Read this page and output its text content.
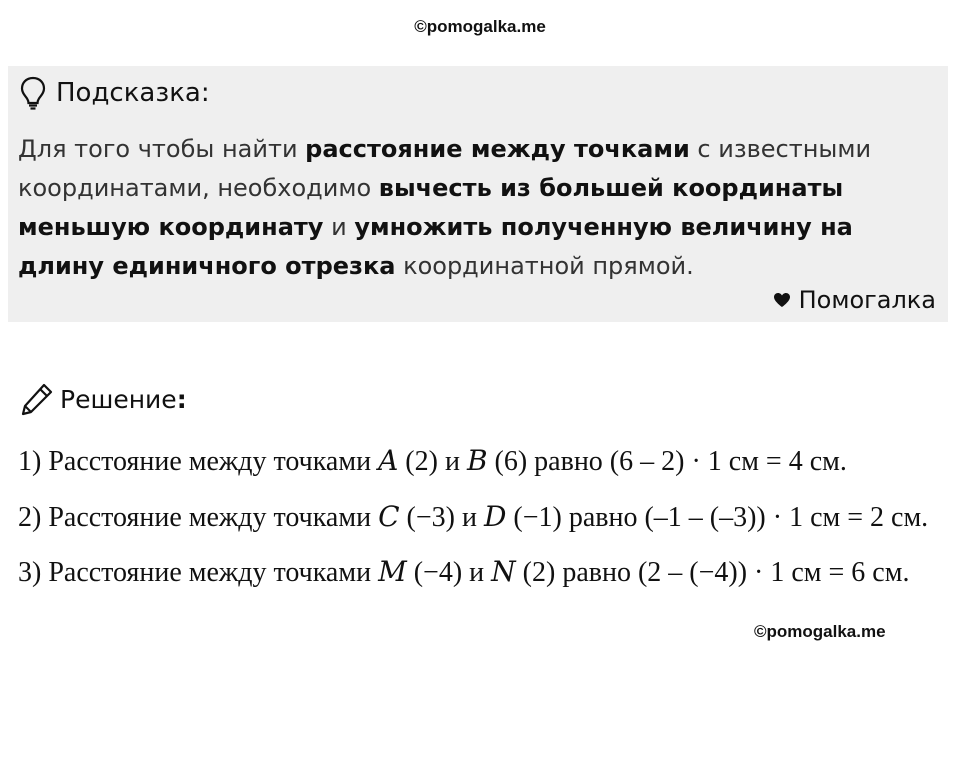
©pomogalka.me
Подсказка:
Для того чтобы найти расстояние между точками с известными координатами, необходимо вычесть из большей координаты меньшую координату и умножить полученную величину на длину единичного отрезка координатной прямой.
Помогалка
Решение:

1) Расстояние между точками A (2) и B (6) равно (6 – 2) · 1 см = 4 см.

2) Расстояние между точками C (−3) и D (−1) равно (–1 – (–3)) · 1 см = 2 см.

3) Расстояние между точками M (−4) и N (2) равно (2 – (−4)) · 1 см = 6 см.

©pomogalka.me
